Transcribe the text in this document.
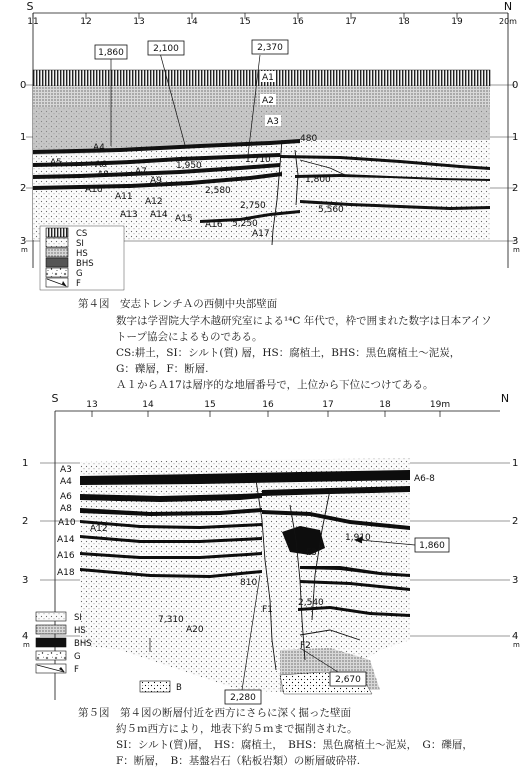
S	N
11	12	13	14	15	16	17	18	19	20m
0
1
2
3
m
0
1
2
3
m
1,860	2,100	2,370
A1
A2
A3
A4
A5	A6
A7
A8
A9
A10
A11 A12
A13 A14 A15
A16
A17
480
1,950
1,710
1,800
2,580
2,750	5,560
5,250
CS
SI
HS
BHS
G
F
S	N
13	14	15	16	17	18	19m
1
2
3
4
m
1
2
3
4
m
A3
A4
A6
A8
A10
A12
A14
A16
A18
A20
A6-8
810
7,310
1,910
2,540
1,860
2,280
2,670
F1
F2
F3
SI
HS
BHS
G
F
B
第４図　安志トレンチＡの西側中央部壁面
数字は学習院大学木越研究室による¹⁴C 年代で，枠で囲まれた数字は日本アイソ
トープ協会によるものである。
CS:耕土，SI：シルト(質) 層，HS：腐植土，BHS：黒色腐植土～泥炭，
G：礫層，F：断層.
Ａ１からＡ17は層序的な地層番号で，上位から下位につけてある。
第５図　第４図の断層付近を西方にさらに深く掘った壁面
約５ｍ西方により，地表下約５ｍまで掘削された。
SI：シルト(質)層，　HS：腐植土，　BHS：黒色腐植土～泥炭，　G：礫層，
F：断層，　B：基盤岩石（粘板岩類）の断層破砕帯.
